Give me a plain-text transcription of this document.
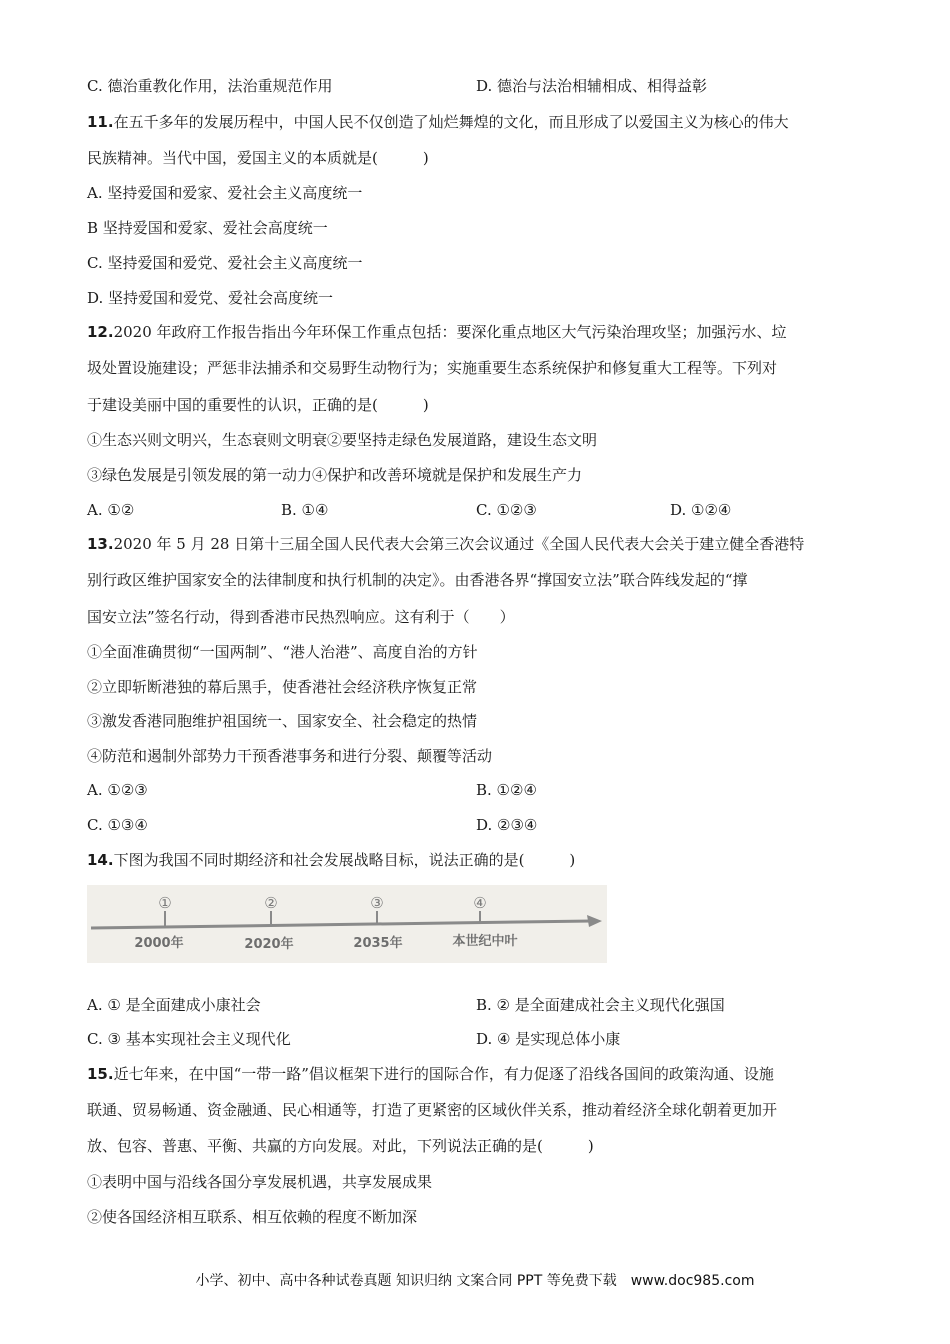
C. 德治重教化作用，法治重规范作用	D. 德治与法治相辅相成、相得益彰
11.在五千多年的发展历程中，中国人民不仅创造了灿烂舞煌的文化，而且形成了以爱国主义为核心的伟大
民族精神。当代中国，爱国主义的本质就是(　　　)
A. 坚持爱国和爱家、爱社会主义高度统一
B 坚持爱国和爱家、爱社会高度统一
C. 坚持爱国和爱党、爱社会主义高度统一
D. 坚持爱国和爱党、爱社会高度统一
12.2020 年政府工作报告指出今年环保工作重点包括：要深化重点地区大气污染治理攻坚；加强污水、垃
圾处置设施建设；严惩非法捕杀和交易野生动物行为；实施重要生态系统保护和修复重大工程等。下列对
于建设美丽中国的重要性的认识，正确的是(　　　)
①生态兴则文明兴，生态衰则文明衰②要坚持走绿色发展道路，建设生态文明
③绿色发展是引领发展的第一动力④保护和改善环境就是保护和发展生产力
A. ①②	B. ①④	C. ①②③	D. ①②④
13.2020 年 5 月 28 日第十三届全国人民代表大会第三次会议通过《全国人民代表大会关于建立健全香港特
别行政区维护国家安全的法律制度和执行机制的决定》。由香港各界“撑国安立法”联合阵线发起的“撑
国安立法”签名行动，得到香港市民热烈响应。这有利于（　　）
①全面准确贯彻“一国两制”、“港人治港”、高度自治的方针
②立即斩断港独的幕后黑手，使香港社会经济秩序恢复正常
③激发香港同胞维护祖国统一、国家安全、社会稳定的热情
④防范和遏制外部势力干预香港事务和进行分裂、颠覆等活动
A. ①②③	B. ①②④
C. ①③④	D. ②③④
14.下图为我国不同时期经济和社会发展战略目标，说法正确的是(　　　)
①	②	③	④
2000年	2020年	2035年	本世纪中叶
A. ① 是全面建成小康社会	B. ② 是全面建成社会主义现代化强国
C. ③ 基本实现社会主义现代化	D. ④ 是实现总体小康
15.近七年来，在中国“一带一路”倡议框架下进行的国际合作，有力促逐了沿线各国间的政策沟通、设施
联通、贸易畅通、资金融通、民心相通等，打造了更紧密的区域伙伴关系，推动着经济全球化朝着更加开
放、包容、普惠、平衡、共赢的方向发展。对此，下列说法正确的是(　　　)
①表明中国与沿线各国分享发展机遇，共享发展成果
②使各国经济相互联系、相互依赖的程度不断加深
小学、初中、高中各种试卷真题 知识归纳 文案合同 PPT 等免费下载　www.doc985.com
